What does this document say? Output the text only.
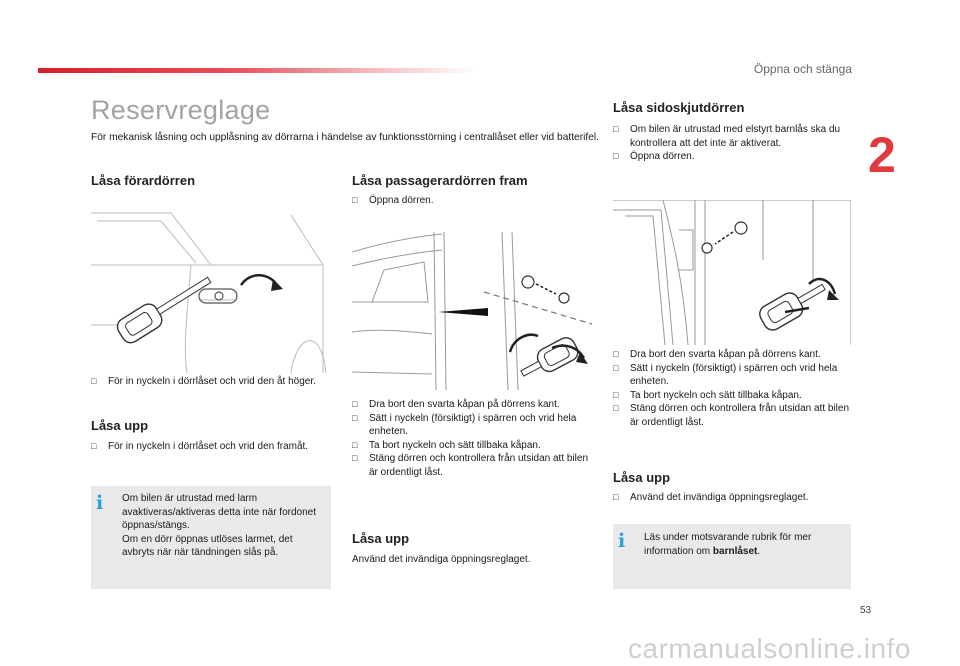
Öppna och stänga
2
Reservreglage

För mekanisk låsning och upplåsning av dörrarna i händelse av funktionsstörning i centrallåset eller vid batterifel.

Låsa förardörren
□ För in nyckeln i dörrlåset och vrid den åt höger.
Låsa upp
□ För in nyckeln i dörrlåset och vrid den framåt.
i Om bilen är utrustad med larm avaktiveras/aktiveras detta inte när fordonet öppnas/stängs.
Om en dörr öppnas utlöses larmet, det avbryts när när tändningen slås på.
Låsa passagerardörren fram
□ Öppna dörren.
□ Dra bort den svarta kåpan på dörrens kant.
□ Sätt i nyckeln (försiktigt) i spärren och vrid hela enheten.
□ Ta bort nyckeln och sätt tillbaka kåpan.
□ Stäng dörren och kontrollera från utsidan att bilen är ordentligt låst.
Låsa upp

Använd det invändiga öppningsreglaget.

Låsa sidoskjutdörren
□ Om bilen är utrustad med elstyrt barnlås ska du kontrollera att det inte är aktiverat.
□ Öppna dörren.
□ Dra bort den svarta kåpan på dörrens kant.
□ Sätt i nyckeln (försiktigt) i spärren och vrid hela enheten.
□ Ta bort nyckeln och sätt tillbaka kåpan.
□ Stäng dörren och kontrollera från utsidan att bilen är ordentligt låst.
Låsa upp
□ Använd det invändiga öppningsreglaget.
i Läs under motsvarande rubrik för mer information om barnlåset.
53
carmanualsonline.info
